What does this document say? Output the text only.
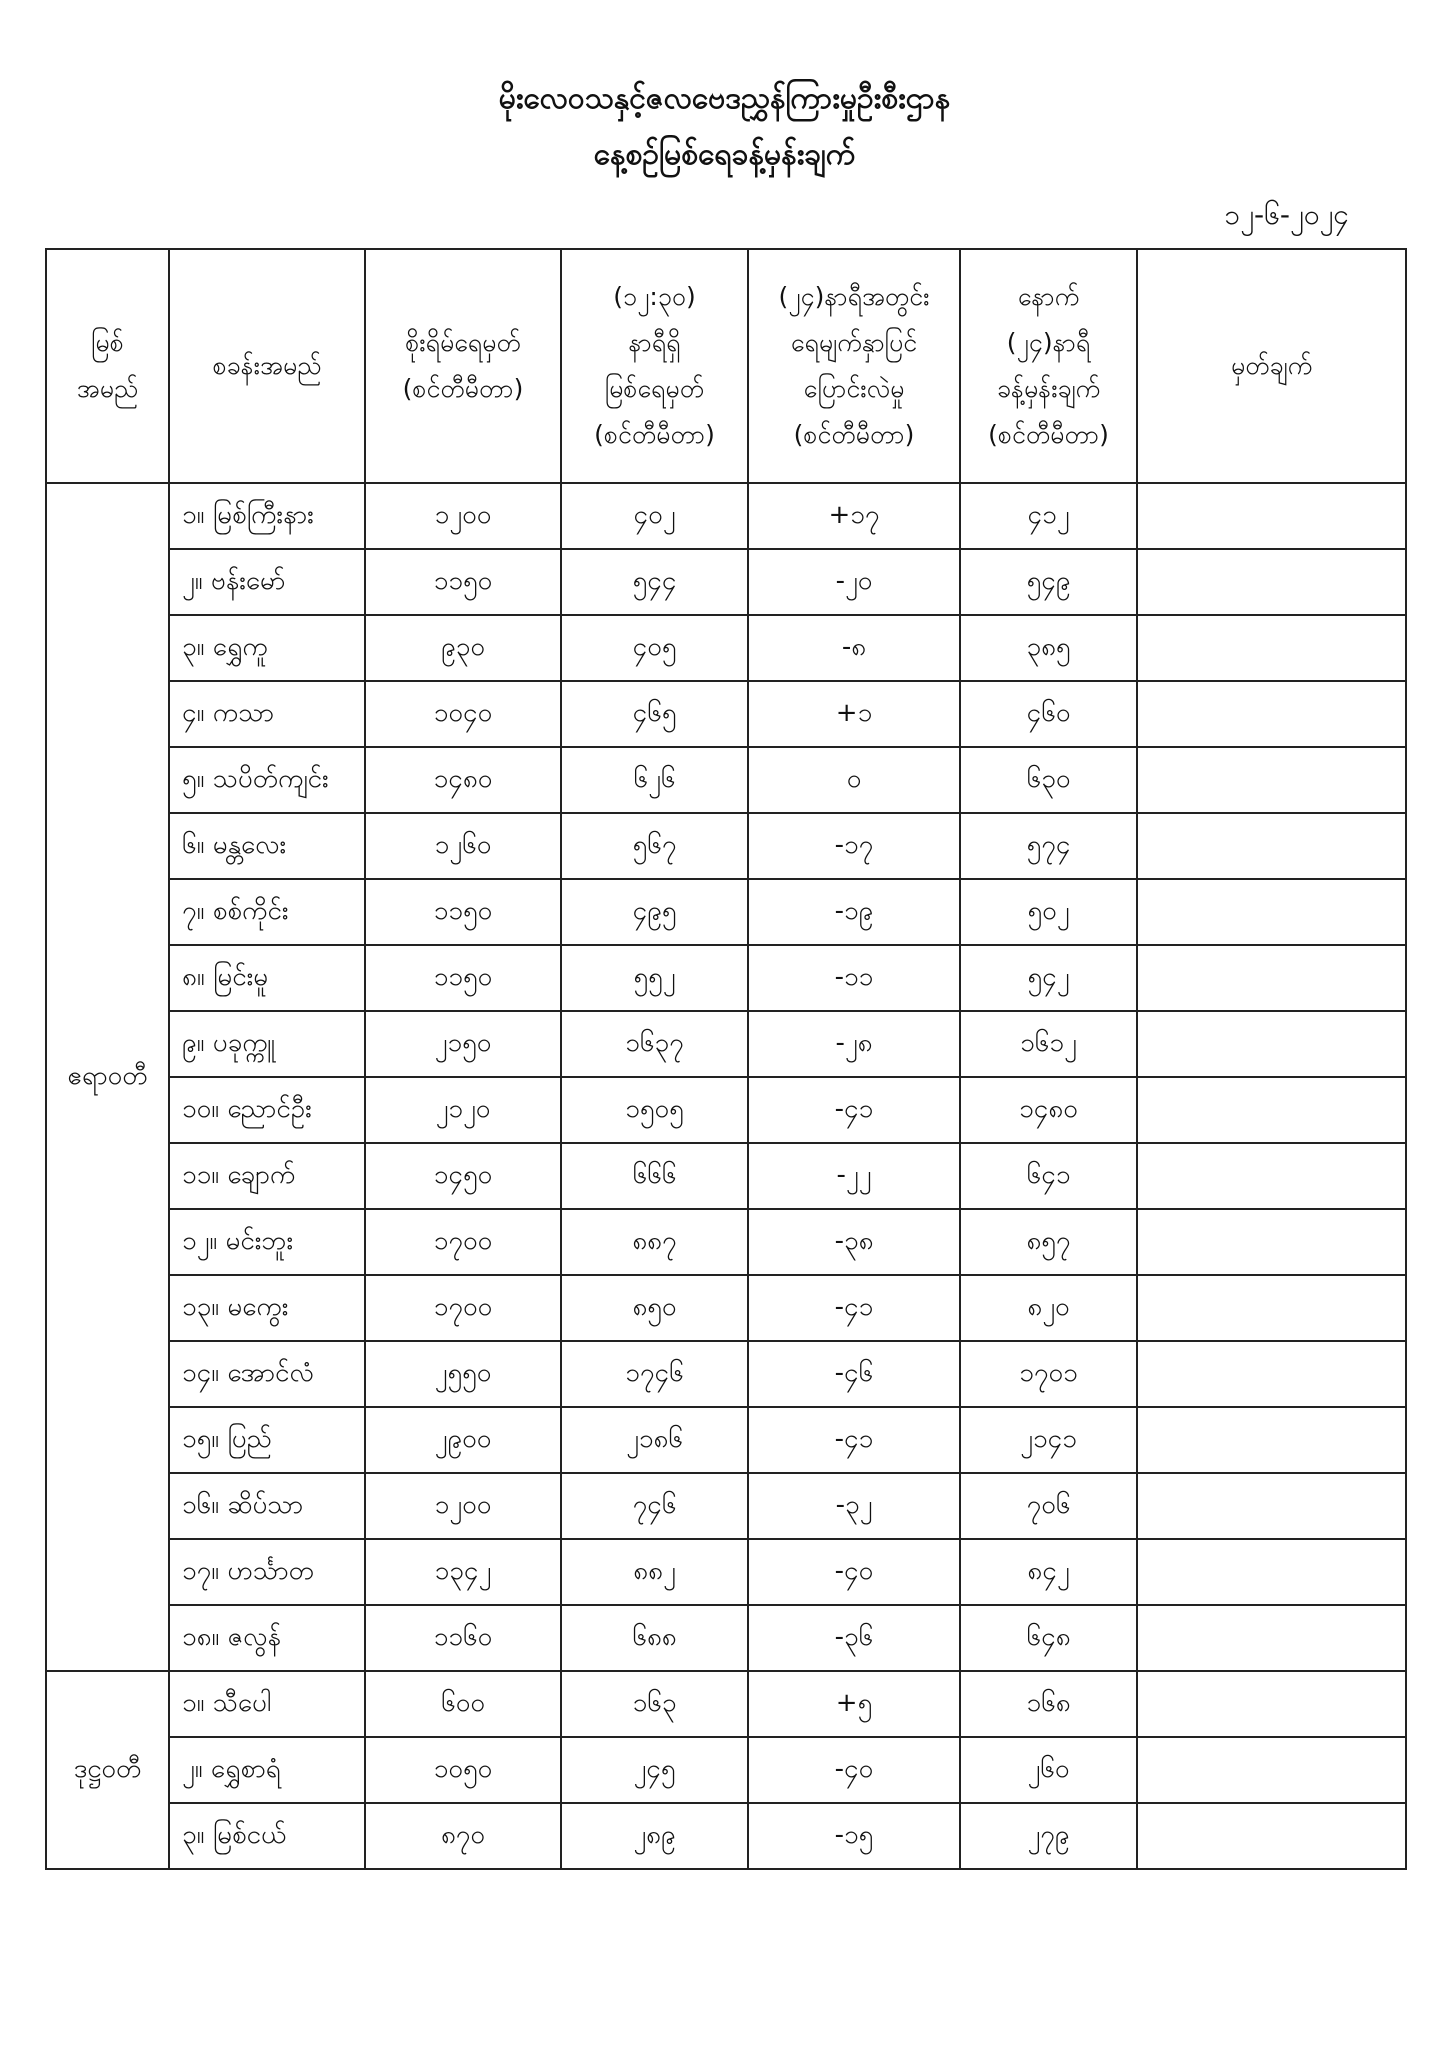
မိုးလေဝသနှင့်ဇလဗေဒညွှန်ကြားမှုဦးစီးဌာန
နေ့စဉ်မြစ်ရေခန့်မှန်းချက်
၁၂-၆-၂၀၂၄
မြစ်
အမည်	စခန်းအမည်	စိုးရိမ်ရေမှတ်
(စင်တီမီတာ)	(၁၂:၃၀)
နာရီရှိ
မြစ်ရေမှတ်
(စင်တီမီတာ)	(၂၄)နာရီအတွင်း
ရေမျက်နှာပြင်
ပြောင်းလဲမှု
(စင်တီမီတာ)	နောက်
(၂၄)နာရီ
ခန့်မှန်းချက်
(စင်တီမီတာ)	မှတ်ချက်

ဧရာဝတီ	၁။ မြစ်ကြီးနား	၁၂၀၀	၄၀၂	+၁၇	၄၁၂	
	၂။ ဗန်းမော်	၁၁၅၀	၅၄၄	-၂၀	၅၄၉	
	၃။ ရွှေကူ	၉၃၀	၄၀၅	-၈	၃၈၅	
	၄။ ကသာ	၁၀၄၀	၄၆၅	+၁	၄၆၀	
	၅။ သပိတ်ကျင်း	၁၄၈၀	၆၂၆	၀	၆၃၀	
	၆။ မန္တလေး	၁၂၆၀	၅၆၇	-၁၇	၅၇၄	
	၇။ စစ်ကိုင်း	၁၁၅၀	၄၉၅	-၁၉	၅၀၂	
	၈။ မြင်းမူ	၁၁၅၀	၅၅၂	-၁၁	၅၄၂	
	၉။ ပခုက္ကူ	၂၁၅၀	၁၆၃၇	-၂၈	၁၆၁၂	
	၁၀။ ညောင်ဦး	၂၁၂၀	၁၅၀၅	-၄၁	၁၄၈၀	
	၁၁။ ချောက်	၁၄၅၀	၆၆၆	-၂၂	၆၄၁	
	၁၂။ မင်းဘူး	၁၇၀၀	၈၈၇	-၃၈	၈၅၇	
	၁၃။ မကွေး	၁၇၀၀	၈၅၀	-၄၁	၈၂၀	
	၁၄။ အောင်လံ	၂၅၅၀	၁၇၄၆	-၄၆	၁၇၀၁	
	၁၅။ ပြည်	၂၉၀၀	၂၁၈၆	-၄၁	၂၁၄၁	
	၁၆။ ဆိပ်သာ	၁၂၀၀	၇၄၆	-၃၂	၇၀၆	
	၁၇။ ဟင်္သာတ	၁၃၄၂	၈၈၂	-၄၀	၈၄၂	
	၁၈။ ဇလွန်	၁၁၆၀	၆၈၈	-၃၆	၆၄၈	
ဒုဋ္ဌဝတီ	၁။ သီပေါ	၆၀၀	၁၆၃	+၅	၁၆၈	
	၂။ ရွှေစာရံ	၁၀၅၀	၂၄၅	-၄၀	၂၆၀	
	၃။ မြစ်ငယ်	၈၇၀	၂၈၉	-၁၅	၂၇၉	
